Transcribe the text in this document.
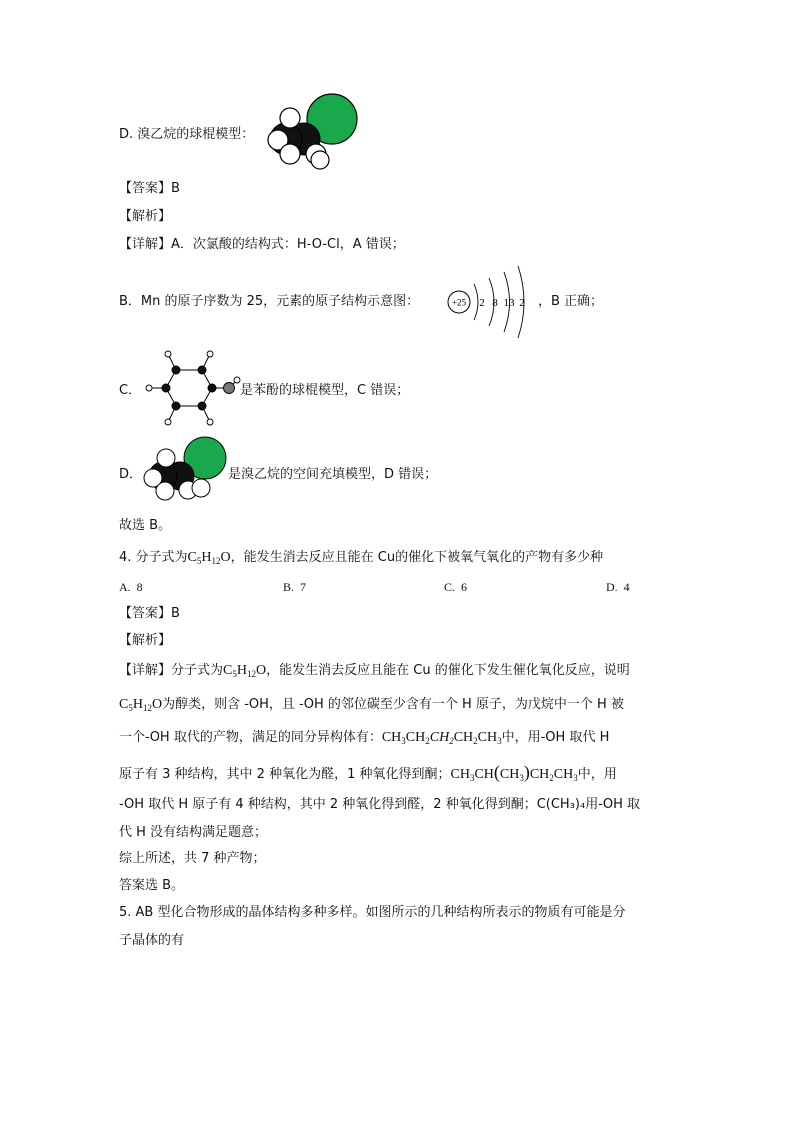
D. 溴乙烷的球棍模型：
【答案】B
【解析】
【详解】A．次氯酸的结构式：H-O-Cl，A 错误；
B．Mn 的原子序数为 25，元素的原子结构示意图：	+25 2 8 13 2 ，B 正确；
C．	是苯酚的球棍模型，C 错误；
D．	是溴乙烷的空间充填模型，D 错误；
故选 B。
4. 分子式为$C_5H_{12}O$，能发生消去反应且能在 Cu的催化下被氧气氧化的产物有多少种
A. 8	B. 7	C. 6	D. 4
【答案】B
【解析】
【详解】分子式为$C_5H_{12}O$，能发生消去反应且能在 Cu 的催化下发生催化氧化反应，说明
$C_5H_{12}O$为醇类，则含 -OH，且 -OH 的邻位碳至少含有一个 H 原子，为戊烷中一个 H 被
一个-OH 取代的产物，满足的同分异构体有：$CH_3CH_2CH_2CH_2CH_3$中，用-OH 取代 H
原子有 3 种结构，其中 2 种氧化为醛，1 种氧化得到酮；$CH_3CH(CH_3)CH_2CH_3$中，用
-OH 取代 H 原子有 4 种结构，其中 2 种氧化得到醛，2 种氧化得到酮；C(CH₃)₄用-OH 取
代 H 没有结构满足题意；
综上所述，共 7 种产物；
答案选 B。
5. AB 型化合物形成的晶体结构多种多样。如图所示的几种结构所表示的物质有可能是分
子晶体的有
